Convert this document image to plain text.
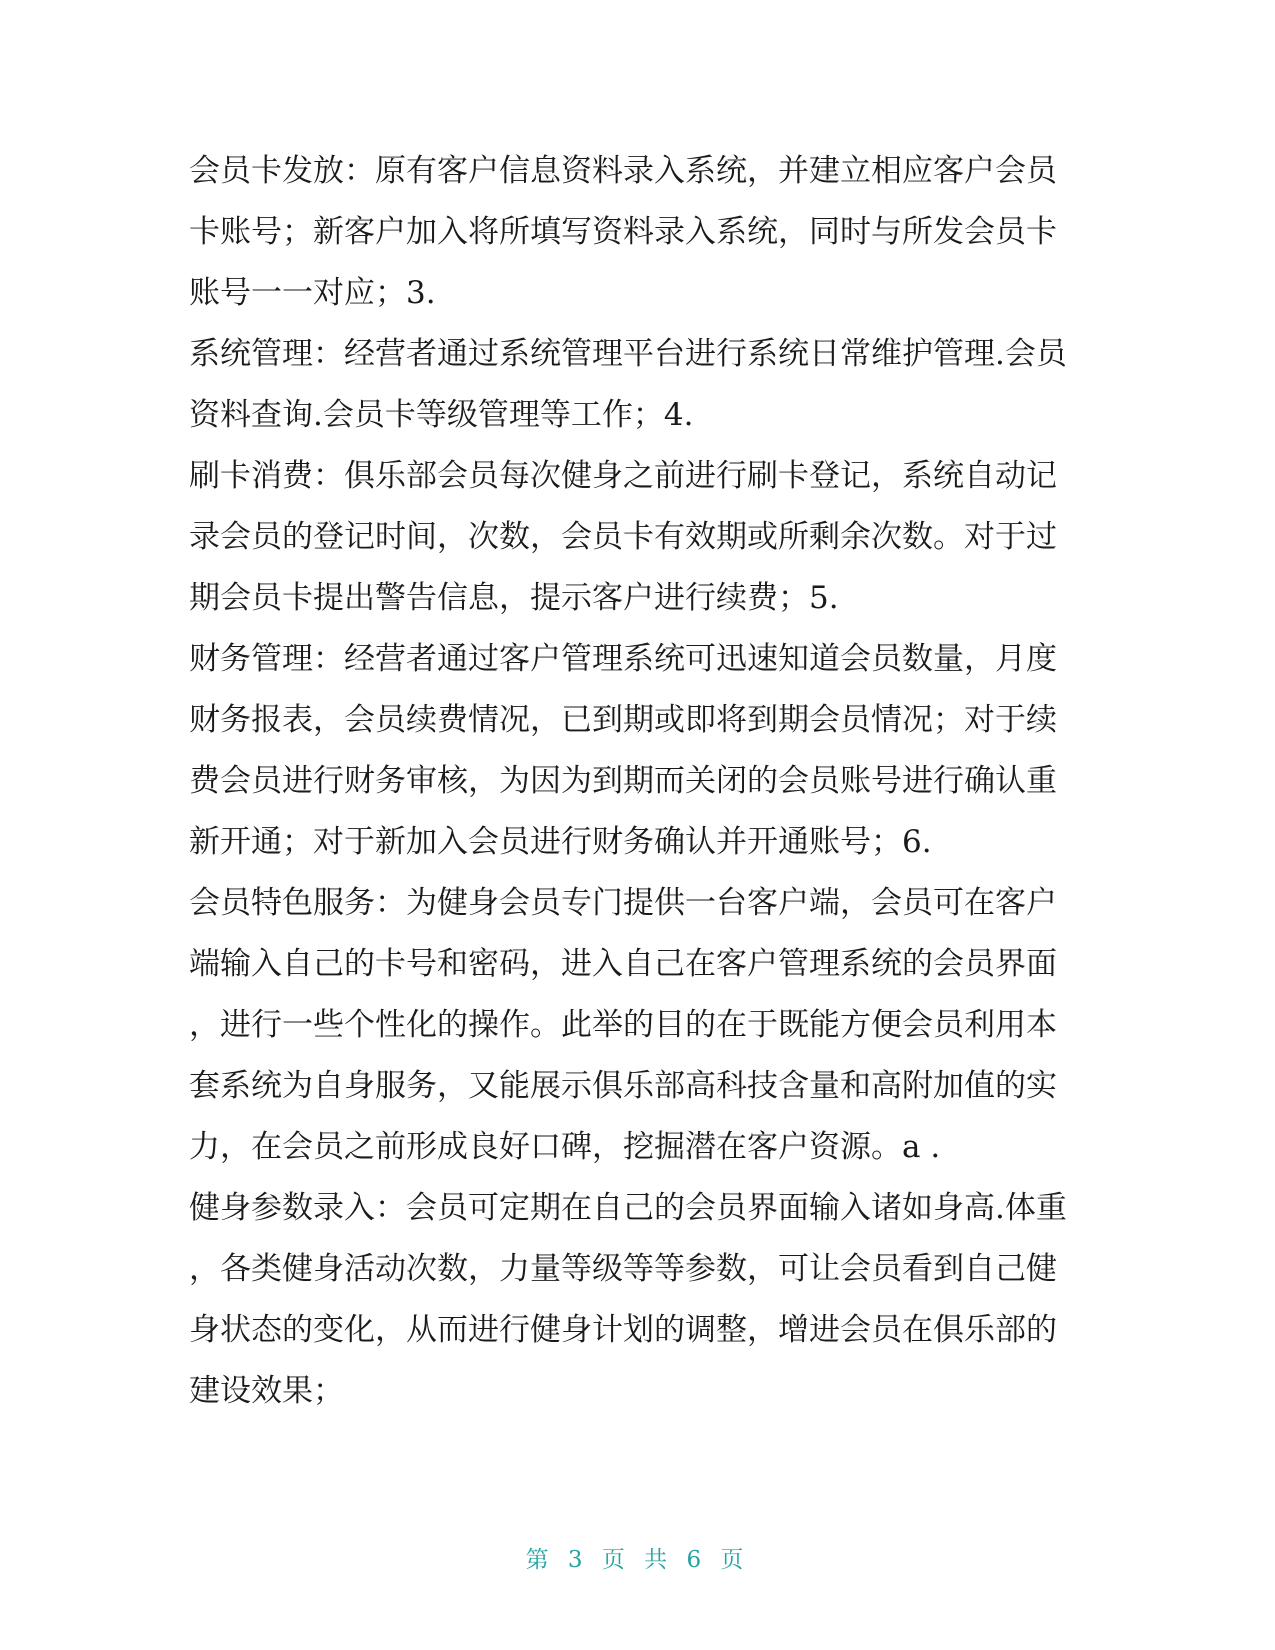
会员卡发放：原有客户信息资料录入系统，并建立相应客户会员
卡账号；新客户加入将所填写资料录入系统，同时与所发会员卡
账号一一对应；3.
系统管理：经营者通过系统管理平台进行系统日常维护管理.会员
资料查询.会员卡等级管理等工作；4.
刷卡消费：俱乐部会员每次健身之前进行刷卡登记，系统自动记
录会员的登记时间，次数，会员卡有效期或所剩余次数。对于过
期会员卡提出警告信息，提示客户进行续费；5.
财务管理：经营者通过客户管理系统可迅速知道会员数量，月度
财务报表，会员续费情况，已到期或即将到期会员情况；对于续
费会员进行财务审核，为因为到期而关闭的会员账号进行确认重
新开通；对于新加入会员进行财务确认并开通账号；6.
会员特色服务：为健身会员专门提供一台客户端，会员可在客户
端输入自己的卡号和密码，进入自己在客户管理系统的会员界面
，进行一些个性化的操作。此举的目的在于既能方便会员利用本
套系统为自身服务，又能展示俱乐部高科技含量和高附加值的实
力，在会员之前形成良好口碑，挖掘潜在客户资源。a .
健身参数录入：会员可定期在自己的会员界面输入诸如身高.体重
，各类健身活动次数，力量等级等等参数，可让会员看到自己健
身状态的变化，从而进行健身计划的调整，增进会员在俱乐部的
建设效果；
第 3 页 共 6 页
